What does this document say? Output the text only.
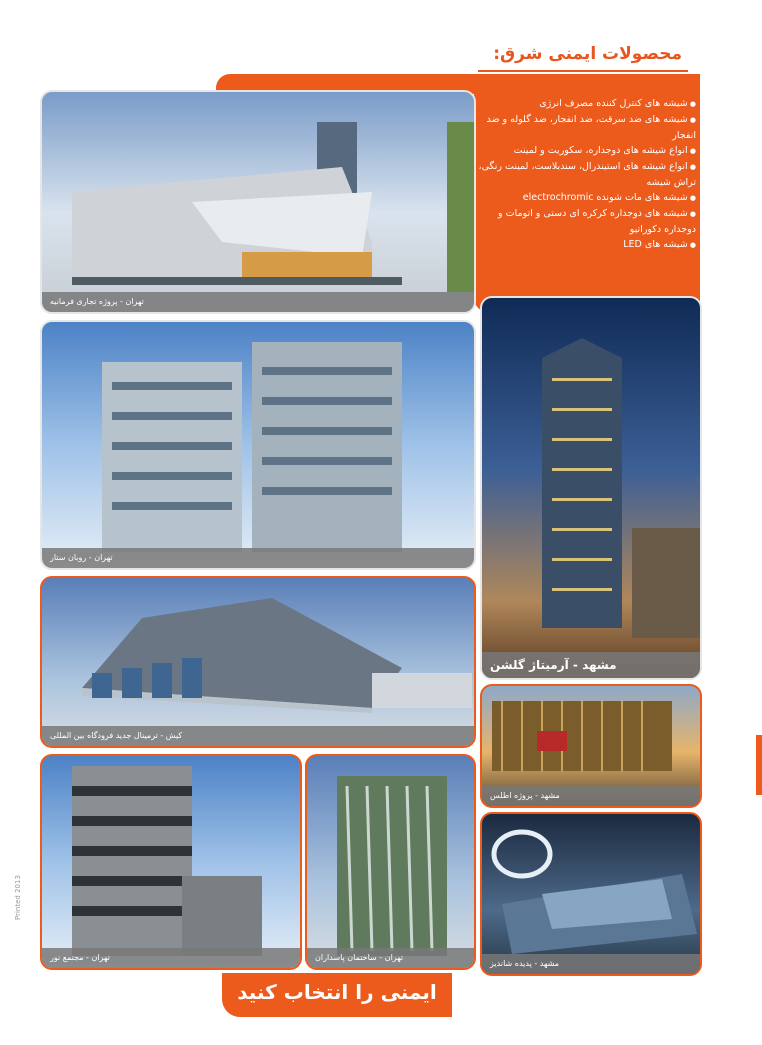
محصولات ایمنی شرق:
● شیشه های کنترل کننده مصرف انرژی
● شیشه های ضد سرقت، ضد انفجار، ضد گلوله و ضد انفجار
● انواع شیشه های دوجداره، سکوریت و لمینت
● انواع شیشه های استیندرال، سندبلاست، لمینت رنگی، تراش شیشه
● شیشه های مات شونده electrochromic
● شیشه های دوجداره کرکره ای دستی و اتومات و دوجداره دکوراتیو
● شیشه های LED
تهران - پروژه تجاری فرمانیه
تهران - روبان ستار
کیش - ترمینال جدید فرودگاه بین المللی
تهران - مجتمع نور	تهران - ساختمان پاسداران
مشهد - آرمیتاژ گلشن
مشهد - پروژه اطلس
مشهد - پدیده شاندیز
ایمنی را انتخاب کنید
Printed 2013
